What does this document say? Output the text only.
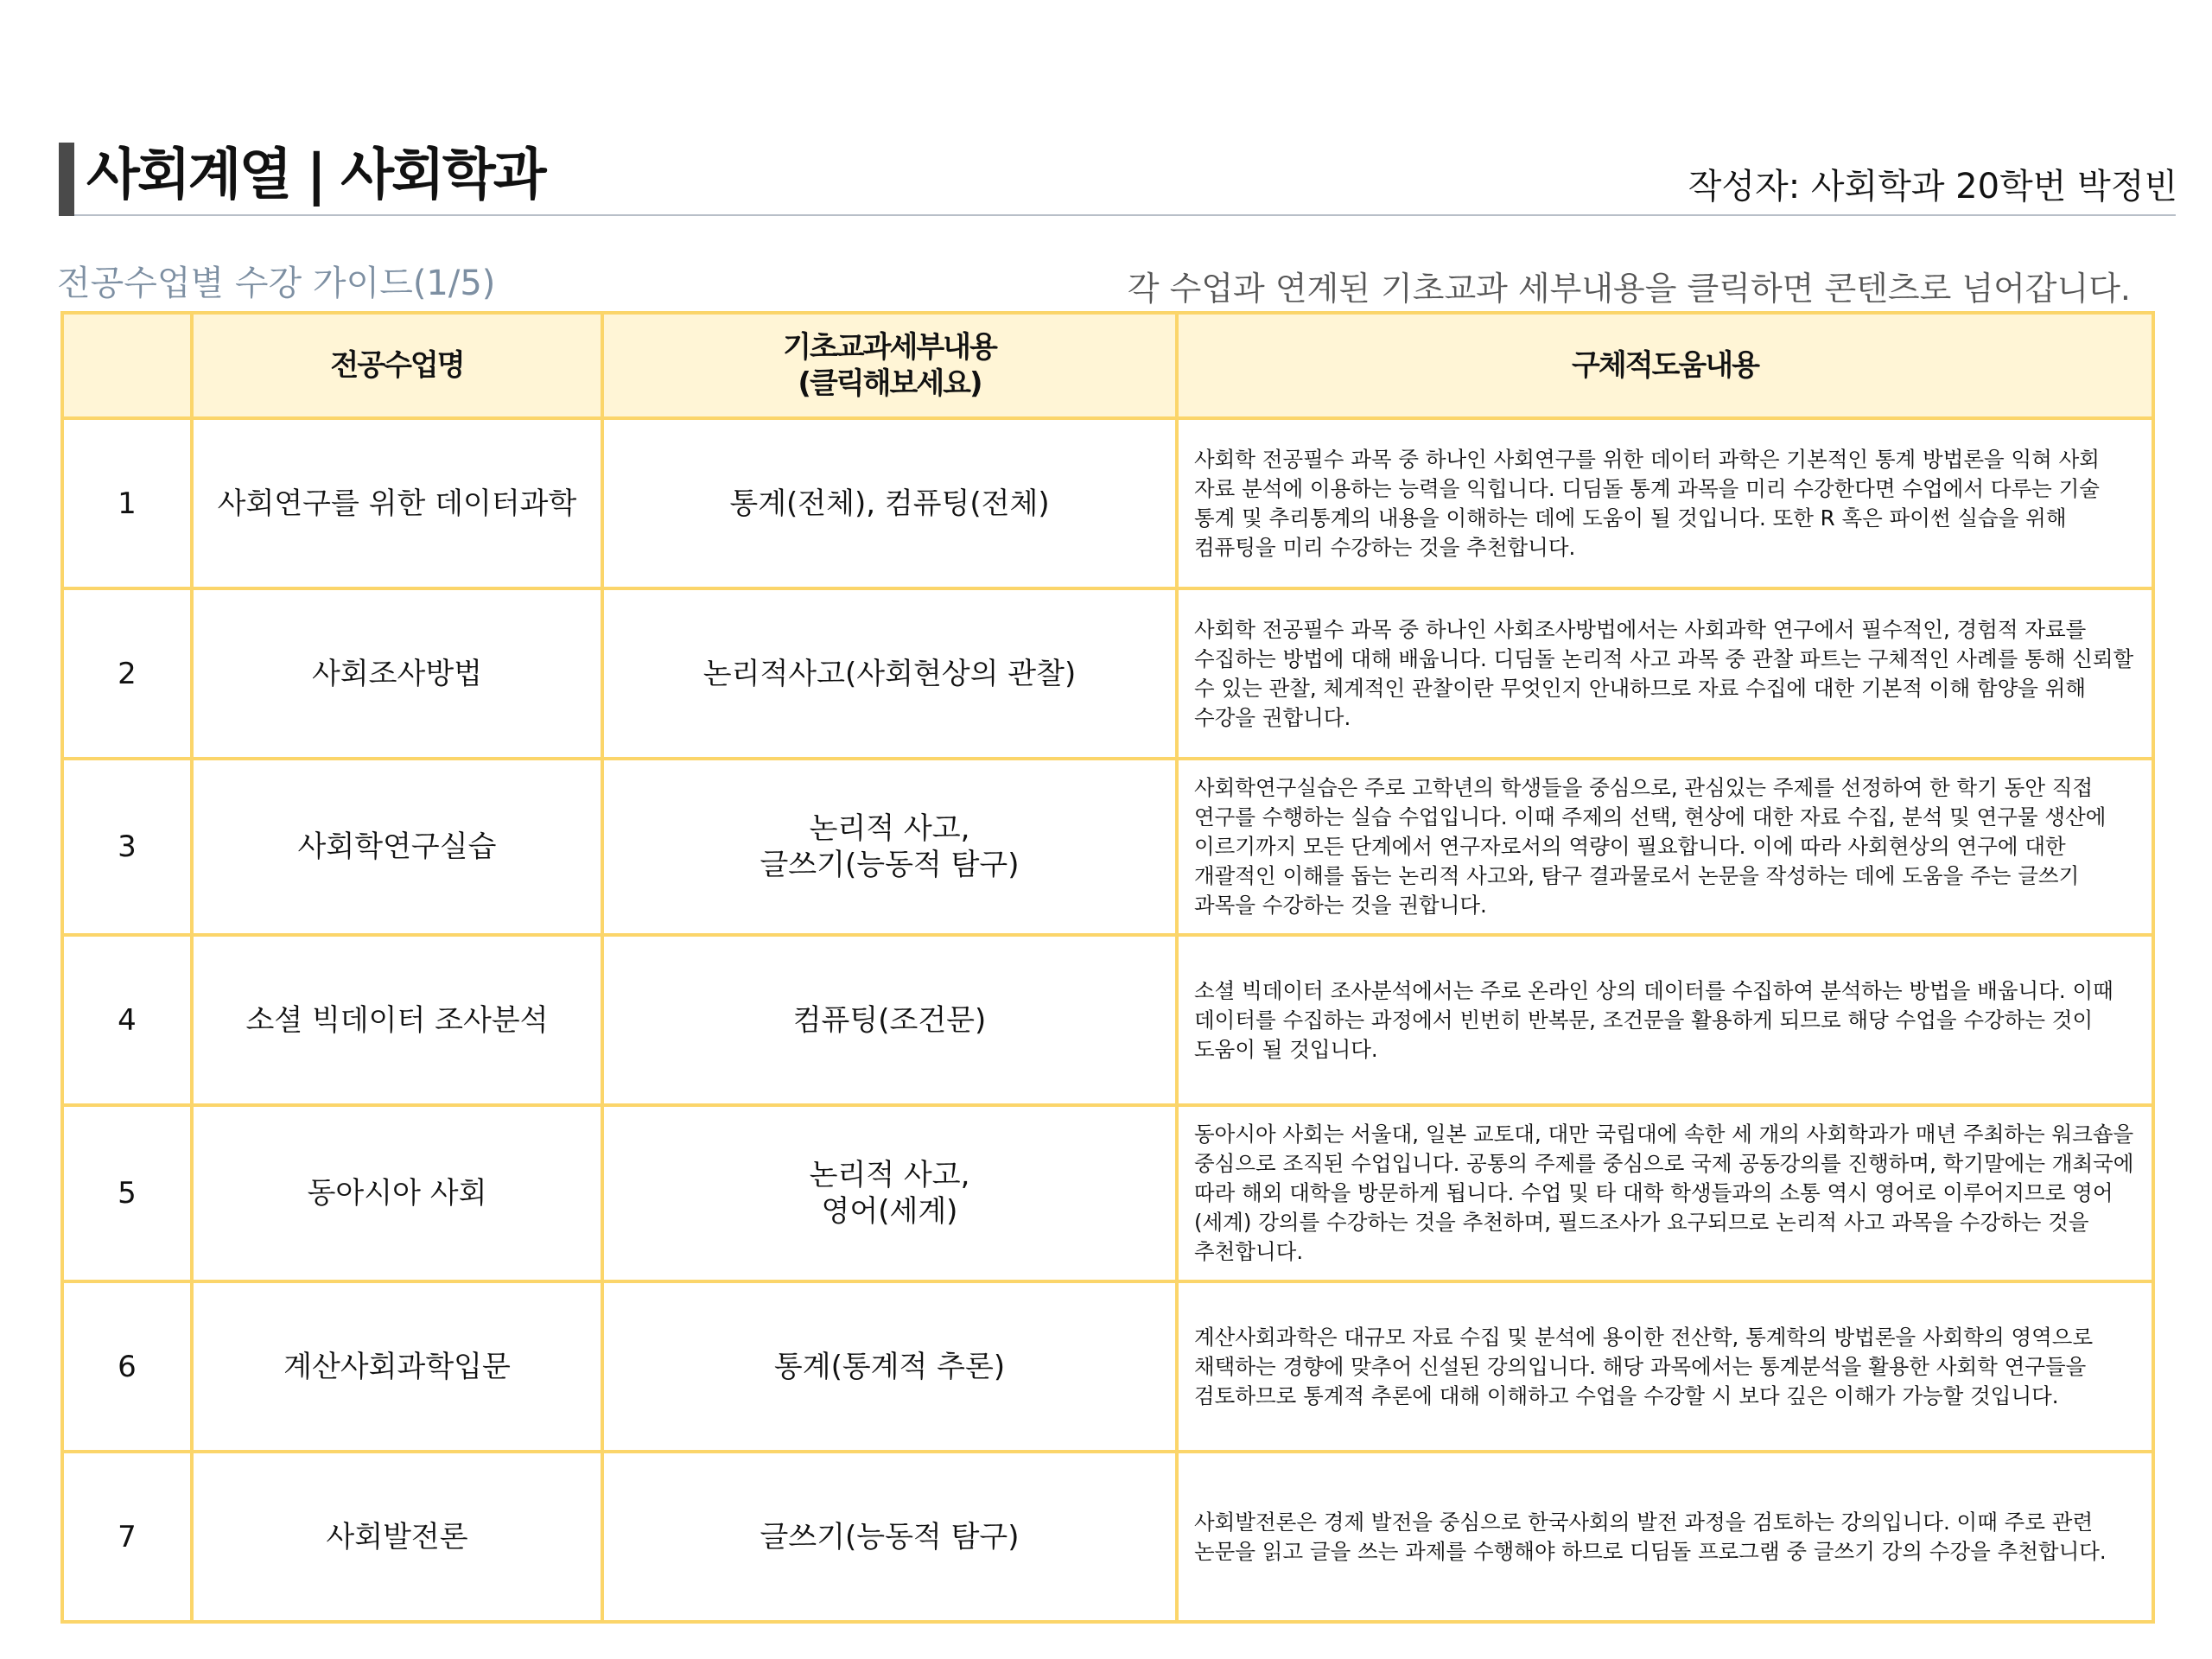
사회계열 | 사회학과	작성자: 사회학과 20학번 박정빈
전공수업별 수강 가이드(1/5)	각 수업과 연계된 기초교과 세부내용을 클릭하면 콘텐츠로 넘어갑니다.
	전공수업명	기초교과세부내용
(클릭해보세요)	구체적도움내용
1	사회연구를 위한 데이터과학	통계(전체), 컴퓨팅(전체)	사회학 전공필수 과목 중 하나인 사회연구를 위한 데이터 과학은 기본적인 통계 방법론을 익혀 사회 자료 분석에 이용하는 능력을 익힙니다. 디딤돌 통계 과목을 미리 수강한다면 수업에서 다루는 기술 통계 및 추리통계의 내용을 이해하는 데에 도움이 될 것입니다. 또한 R 혹은 파이썬 실습을 위해 컴퓨팅을 미리 수강하는 것을 추천합니다.
2	사회조사방법	논리적사고(사회현상의 관찰)	사회학 전공필수 과목 중 하나인 사회조사방법에서는 사회과학 연구에서 필수적인, 경험적 자료를 수집하는 방법에 대해 배웁니다. 디딤돌 논리적 사고 과목 중 관찰 파트는 구체적인 사례를 통해 신뢰할 수 있는 관찰, 체계적인 관찰이란 무엇인지 안내하므로 자료 수집에 대한 기본적 이해 함양을 위해 수강을 권합니다.
3	사회학연구실습	논리적 사고,
글쓰기(능동적 탐구)	사회학연구실습은 주로 고학년의 학생들을 중심으로, 관심있는 주제를 선정하여 한 학기 동안 직접 연구를 수행하는 실습 수업입니다. 이때 주제의 선택, 현상에 대한 자료 수집, 분석 및 연구물 생산에 이르기까지 모든 단계에서 연구자로서의 역량이 필요합니다. 이에 따라 사회현상의 연구에 대한 개괄적인 이해를 돕는 논리적 사고와, 탐구 결과물로서 논문을 작성하는 데에 도움을 주는 글쓰기 과목을 수강하는 것을 권합니다.
4	소셜 빅데이터 조사분석	컴퓨팅(조건문)	소셜 빅데이터 조사분석에서는 주로 온라인 상의 데이터를 수집하여 분석하는 방법을 배웁니다. 이때 데이터를 수집하는 과정에서 빈번히 반복문, 조건문을 활용하게 되므로 해당 수업을 수강하는 것이 도움이 될 것입니다.
5	동아시아 사회	논리적 사고,
영어(세계)	동아시아 사회는 서울대, 일본 교토대, 대만 국립대에 속한 세 개의 사회학과가 매년 주최하는 워크숍을 중심으로 조직된 수업입니다. 공통의 주제를 중심으로 국제 공동강의를 진행하며, 학기말에는 개최국에 따라 해외 대학을 방문하게 됩니다. 수업 및 타 대학 학생들과의 소통 역시 영어로 이루어지므로 영어(세계) 강의를 수강하는 것을 추천하며, 필드조사가 요구되므로 논리적 사고 과목을 수강하는 것을 추천합니다.
6	계산사회과학입문	통계(통계적 추론)	계산사회과학은 대규모 자료 수집 및 분석에 용이한 전산학, 통계학의 방법론을 사회학의 영역으로 채택하는 경향에 맞추어 신설된 강의입니다. 해당 과목에서는 통계분석을 활용한 사회학 연구들을 검토하므로 통계적 추론에 대해 이해하고 수업을 수강할 시 보다 깊은 이해가 가능할 것입니다.
7	사회발전론	글쓰기(능동적 탐구)	사회발전론은 경제 발전을 중심으로 한국사회의 발전 과정을 검토하는 강의입니다. 이때 주로 관련 논문을 읽고 글을 쓰는 과제를 수행해야 하므로 디딤돌 프로그램 중 글쓰기 강의 수강을 추천합니다.
